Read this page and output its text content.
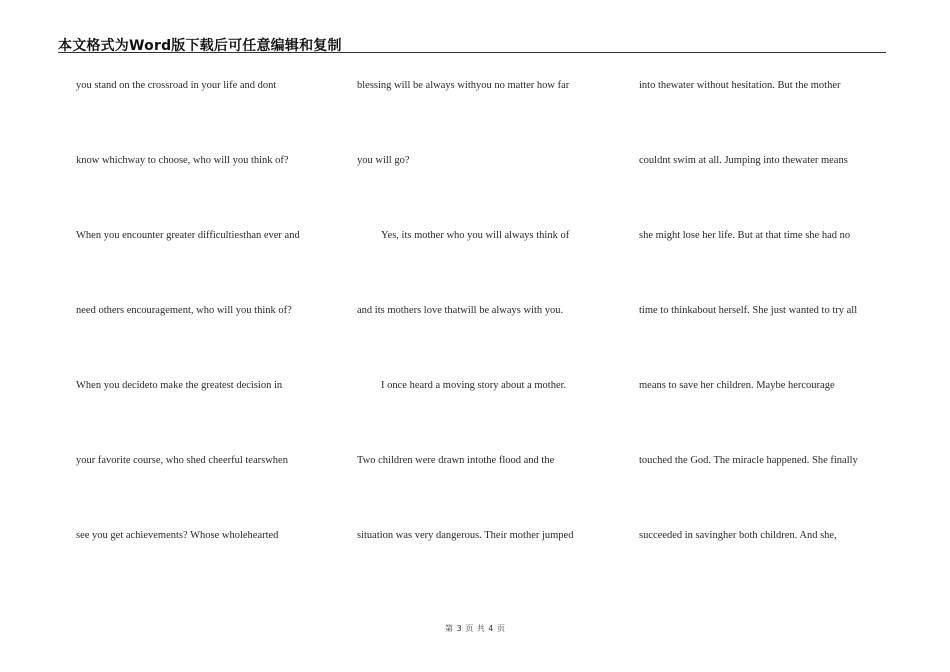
本文格式为Word版下载后可任意编辑和复制
you stand on the crossroad in your life and dont
know whichway to choose, who will you think of?
When you encounter greater difficultiesthan ever and
need others encouragement, who will you think of?
When you decideto make the greatest decision in
your favorite course, who shed cheerful tearswhen
see you get achievements? Whose wholehearted
blessing will be always withyou no matter how far
you will go?
Yes, its mother who you will always think of
and its mothers love thatwill be always with you.
I once heard a moving story about a mother.
Two children were drawn intothe flood and the
situation was very dangerous. Their mother jumped
into thewater without hesitation. But the mother
couldnt swim at all. Jumping into thewater means
she might lose her life. But at that time she had no
time to thinkabout herself. She just wanted to try all
means to save her children. Maybe hercourage
touched the God. The miracle happened. She finally
succeeded in savingher both children. And she,
第 3 页 共 4 页
